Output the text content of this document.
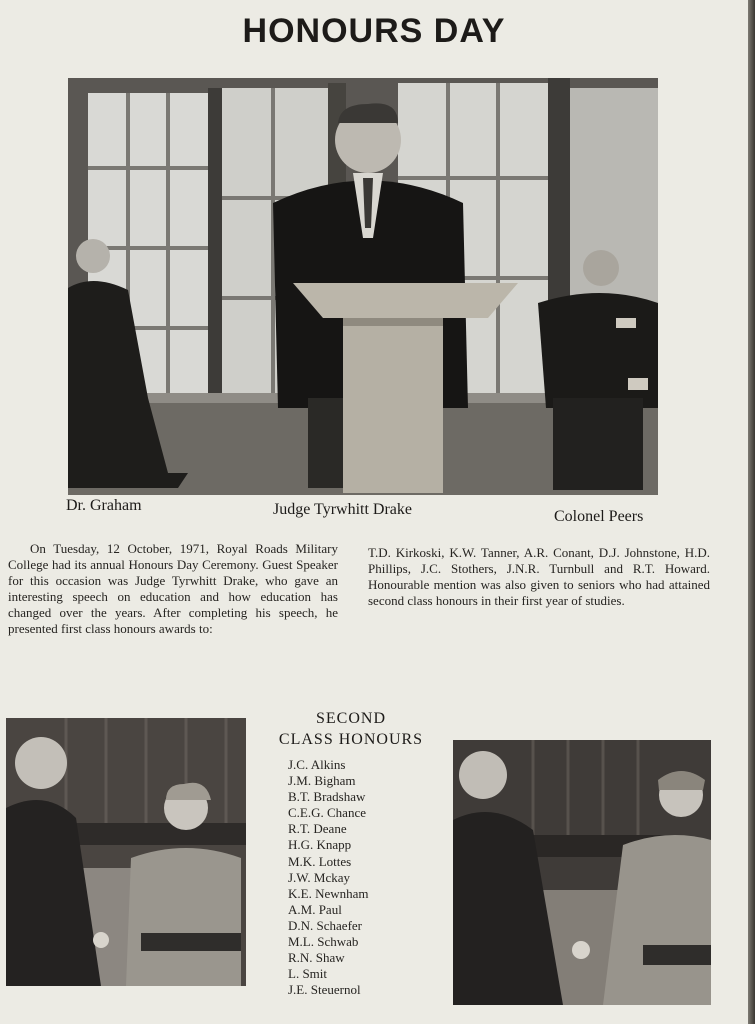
HONOURS DAY
Dr. Graham	Judge Tyrwhitt Drake	Colonel Peers
On Tuesday, 12 October, 1971, Royal Roads Military College had its annual Honours Day Ceremony. Guest Speaker for this occasion was Judge Tyrwhitt Drake, who gave an interesting speech on education and how education has changed over the years. After completing his speech, he presented first class honours awards to:
T.D. Kirkoski, K.W. Tanner, A.R. Conant, D.J. Johnstone, H.D. Phillips, J.C. Stothers, J.N.R. Turnbull and R.T. Howard. Honourable mention was also given to seniors who had attained second class honours in their first year of studies.
SECOND
CLASS HONOURS
J.C. Alkins
J.M. Bigham
B.T. Bradshaw
C.E.G. Chance
R.T. Deane
H.G. Knapp
M.K. Lottes
J.W. Mckay
K.E. Newnham
A.M. Paul
D.N. Schaefer
M.L. Schwab
R.N. Shaw
L. Smit
J.E. Steuernol
